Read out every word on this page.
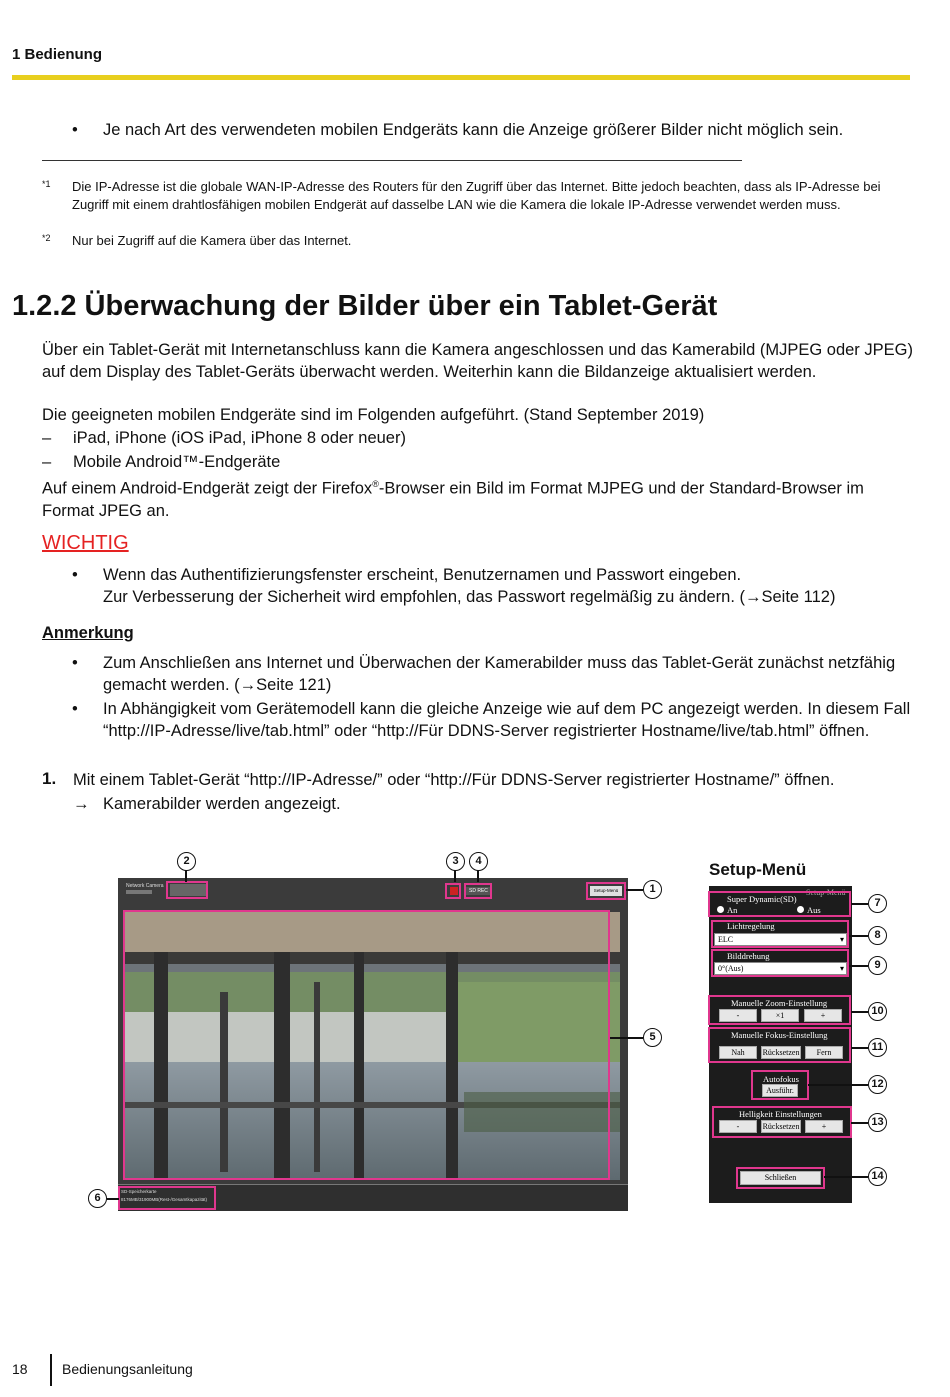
1 Bedienung
• Je nach Art des verwendeten mobilen Endgeräts kann die Anzeige größerer Bilder nicht möglich sein.
*1 Die IP-Adresse ist die globale WAN-IP-Adresse des Routers für den Zugriff über das Internet. Bitte jedoch beachten, dass als IP-Adresse bei Zugriff mit einem drahtlosfähigen mobilen Endgerät auf dasselbe LAN wie die Kamera die lokale IP-Adresse verwendet werden muss.
*2 Nur bei Zugriff auf die Kamera über das Internet.
1.2.2 Überwachung der Bilder über ein Tablet-Gerät
Über ein Tablet-Gerät mit Internetanschluss kann die Kamera angeschlossen und das Kamerabild (MJPEG oder JPEG) auf dem Display des Tablet-Geräts überwacht werden. Weiterhin kann die Bildanzeige aktualisiert werden.
Die geeigneten mobilen Endgeräte sind im Folgenden aufgeführt. (Stand September 2019)
– iPad, iPhone (iOS iPad, iPhone 8 oder neuer)
– Mobile Android™-Endgeräte
Auf einem Android-Endgerät zeigt der Firefox®-Browser ein Bild im Format MJPEG und der Standard-Browser im Format JPEG an.
WICHTIG
• Wenn das Authentifizierungsfenster erscheint, Benutzernamen und Passwort eingeben.
Zur Verbesserung der Sicherheit wird empfohlen, das Passwort regelmäßig zu ändern. (→Seite 112)
Anmerkung
• Zum Anschließen ans Internet und Überwachen der Kamerabilder muss das Tablet-Gerät zunächst netzfähig gemacht werden. (→Seite 121)
• In Abhängigkeit vom Gerätemodell kann die gleiche Anzeige wie auf dem PC angezeigt werden. In diesem Fall “http://IP-Adresse/live/tab.html” oder “http://Für DDNS-Server registrierter Hostname/live/tab.html” öffnen.
1. Mit einem Tablet-Gerät “http://IP-Adresse/” oder “http://Für DDNS-Server registrierter Hostname/” öffnen.
→ Kamerabilder werden angezeigt.
Network Camera
SD REC	Setup-Menü
SD-Speicherkarte
8176MB/31900MB(Rest-/Gesamtkapazität)
2	3	4
1
5
6
Setup-Menü
Setup-Menü
Super Dynamic(SD)
An	Aus
Lichtregelung
ELC	▾
Bilddrehung
0°(Aus)	▾
Manuelle Zoom-Einstellung
-	×1	+
Manuelle Fokus-Einstellung
Nah	Rücksetzen	Fern
Autofokus
Ausführ.
Helligkeit Einstellungen
-	Rücksetzen	+
Schließen
7
8
9
10
11
12
13
14
18 Bedienungsanleitung
